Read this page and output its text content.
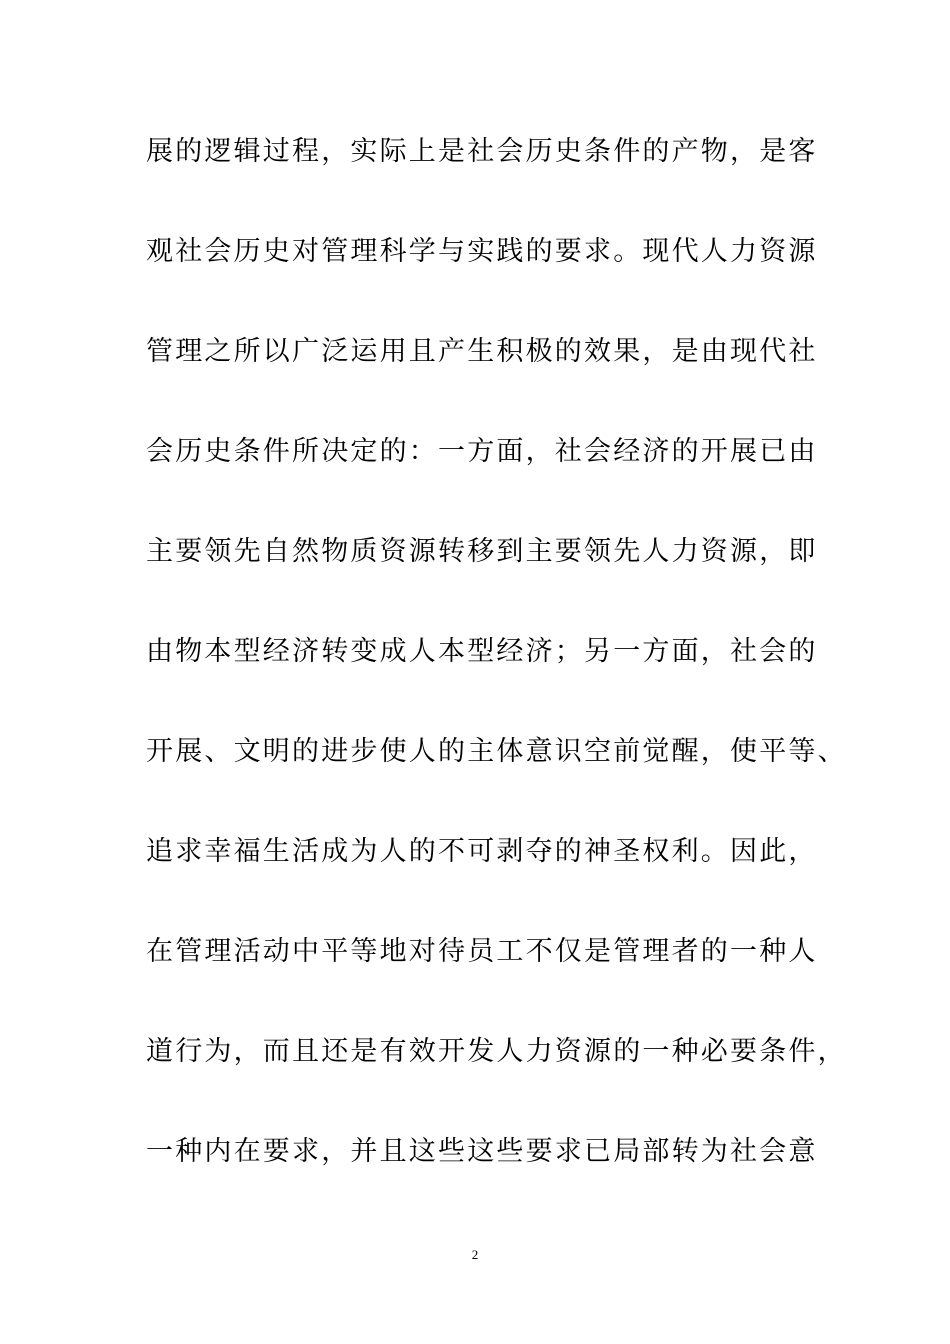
展的逻辑过程，实际上是社会历史条件的产物，是客
观社会历史对管理科学与实践的要求。现代人力资源
管理之所以广泛运用且产生积极的效果，是由现代社
会历史条件所决定的：一方面，社会经济的开展已由
主要领先自然物质资源转移到主要领先人力资源，即
由物本型经济转变成人本型经济；另一方面，社会的
开展、文明的进步使人的主体意识空前觉醒，使平等、
追求幸福生活成为人的不可剥夺的神圣权利。因此，
在管理活动中平等地对待员工不仅是管理者的一种人
道行为，而且还是有效开发人力资源的一种必要条件，
一种内在要求，并且这些这些要求已局部转为社会意
2
